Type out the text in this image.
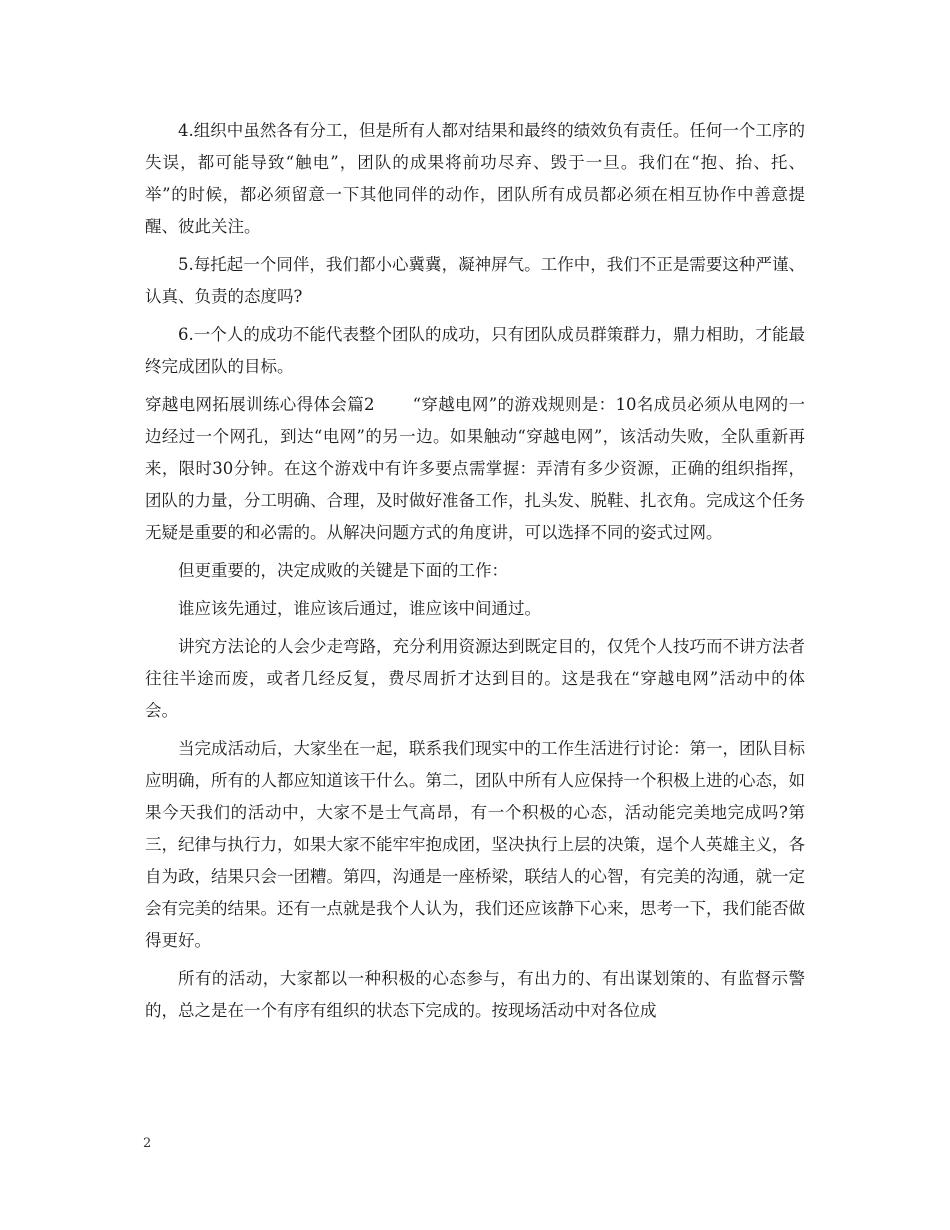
4.组织中虽然各有分工，但是所有人都对结果和最终的绩效负有责任。任何一个工序的失误，都可能导致“触电”，团队的成果将前功尽弃、毁于一旦。我们在“抱、抬、托、举”的时候，都必须留意一下其他同伴的动作，团队所有成员都必须在相互协作中善意提醒、彼此关注。

5.每托起一个同伴，我们都小心冀冀，凝神屏气。工作中，我们不正是需要这种严谨、认真、负责的态度吗?

6.一个人的成功不能代表整个团队的成功，只有团队成员群策群力，鼎力相助，才能最终完成团队的目标。

穿越电网拓展训练心得体会篇2 “穿越电网”的游戏规则是：10名成员必须从电网的一边经过一个网孔，到达“电网”的另一边。如果触动“穿越电网”，该活动失败，全队重新再来，限时30分钟。在这个游戏中有许多要点需掌握：弄清有多少资源，正确的组织指挥，团队的力量，分工明确、合理，及时做好准备工作，扎头发、脱鞋、扎衣角。完成这个任务无疑是重要的和必需的。从解决问题方式的角度讲，可以选择不同的姿式过网。

但更重要的，决定成败的关键是下面的工作：

谁应该先通过，谁应该后通过，谁应该中间通过。

讲究方法论的人会少走弯路，充分利用资源达到既定目的，仅凭个人技巧而不讲方法者往往半途而废，或者几经反复，费尽周折才达到目的。这是我在“穿越电网”活动中的体会。

当完成活动后，大家坐在一起，联系我们现实中的工作生活进行讨论：第一，团队目标应明确，所有的人都应知道该干什么。第二，团队中所有人应保持一个积极上进的心态，如果今天我们的活动中，大家不是士气高昂，有一个积极的心态，活动能完美地完成吗?第三，纪律与执行力，如果大家不能牢牢抱成团，坚决执行上层的决策，逞个人英雄主义，各自为政，结果只会一团糟。第四，沟通是一座桥梁，联结人的心智，有完美的沟通，就一定会有完美的结果。还有一点就是我个人认为，我们还应该静下心来，思考一下，我们能否做得更好。

所有的活动，大家都以一种积极的心态参与，有出力的、有出谋划策的、有监督示警的，总之是在一个有序有组织的状态下完成的。按现场活动中对各位成

2
